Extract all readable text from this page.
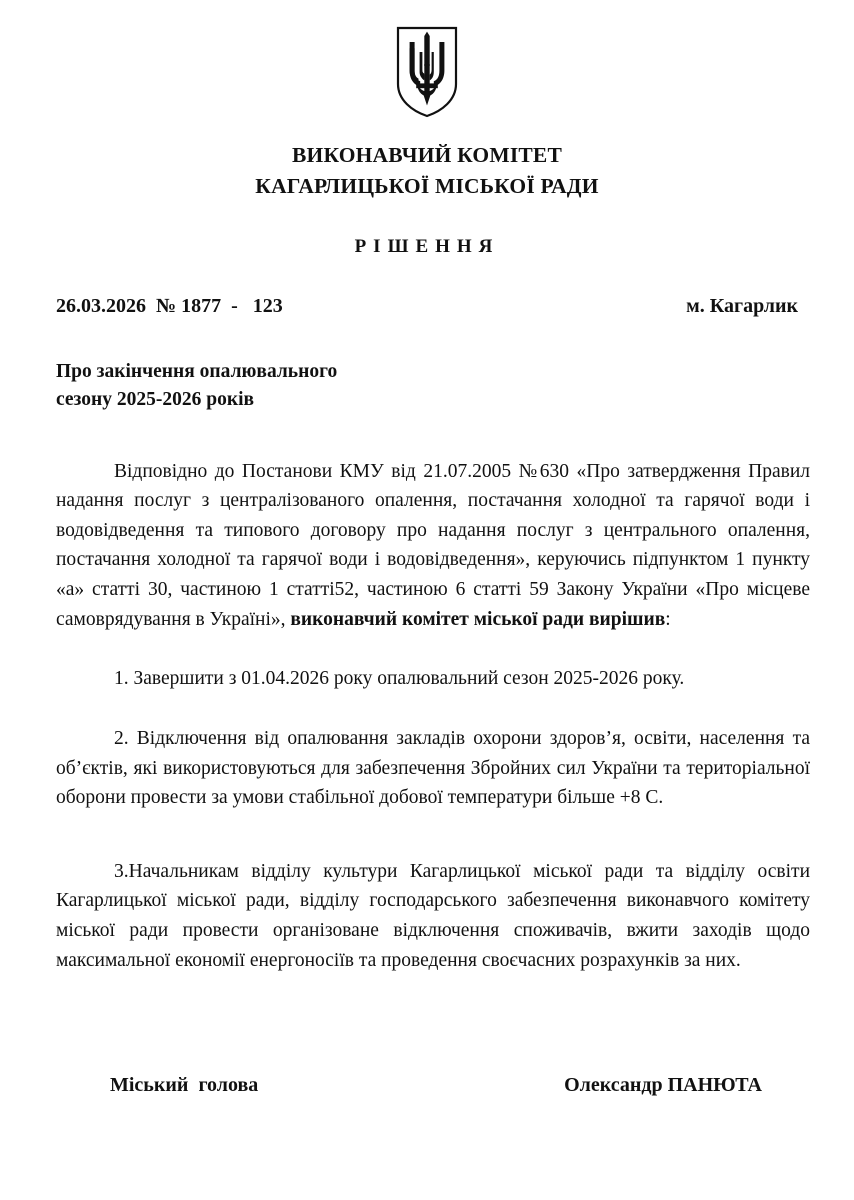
ВИКОНАВЧИЙ КОМІТЕТ
КАГАРЛИЦЬКОЇ МІСЬКОЇ РАДИ
РІШЕННЯ
26.03.2026  № 1877  -   123	м. Кагарлик
Про закінчення опалювального
сезону 2025-2026 років

Відповідно до Постанови КМУ від 21.07.2005 №630 «Про затвердження Правил надання послуг з централізованого опалення, постачання холодної та гарячої води і водовідведення та типового договору про надання послуг з центрального опалення, постачання холодної та гарячої води і водовідведення», керуючись підпунктом 1 пункту «а» статті 30, частиною 1 статті52, частиною 6 статті 59 Закону України «Про місцеве самоврядування в Україні», виконавчий комітет міської ради вирішив:

1. Завершити з 01.04.2026 року опалювальний сезон 2025-2026 року.

2. Відключення від опалювання закладів охорони здоров’я, освіти, населення та об’єктів, які використовуються для забезпечення Збройних сил України та територіальної оборони провести за умови стабільної добової температури більше +8 С.

3.Начальникам відділу культури Кагарлицької міської ради та відділу освіти Кагарлицької міської ради, відділу господарського забезпечення виконавчого комітету міської ради провести організоване відключення споживачів, вжити заходів щодо максимальної економії енергоносіїв та проведення своєчасних розрахунків за них.

Міський  голова	Олександр ПАНЮТА
